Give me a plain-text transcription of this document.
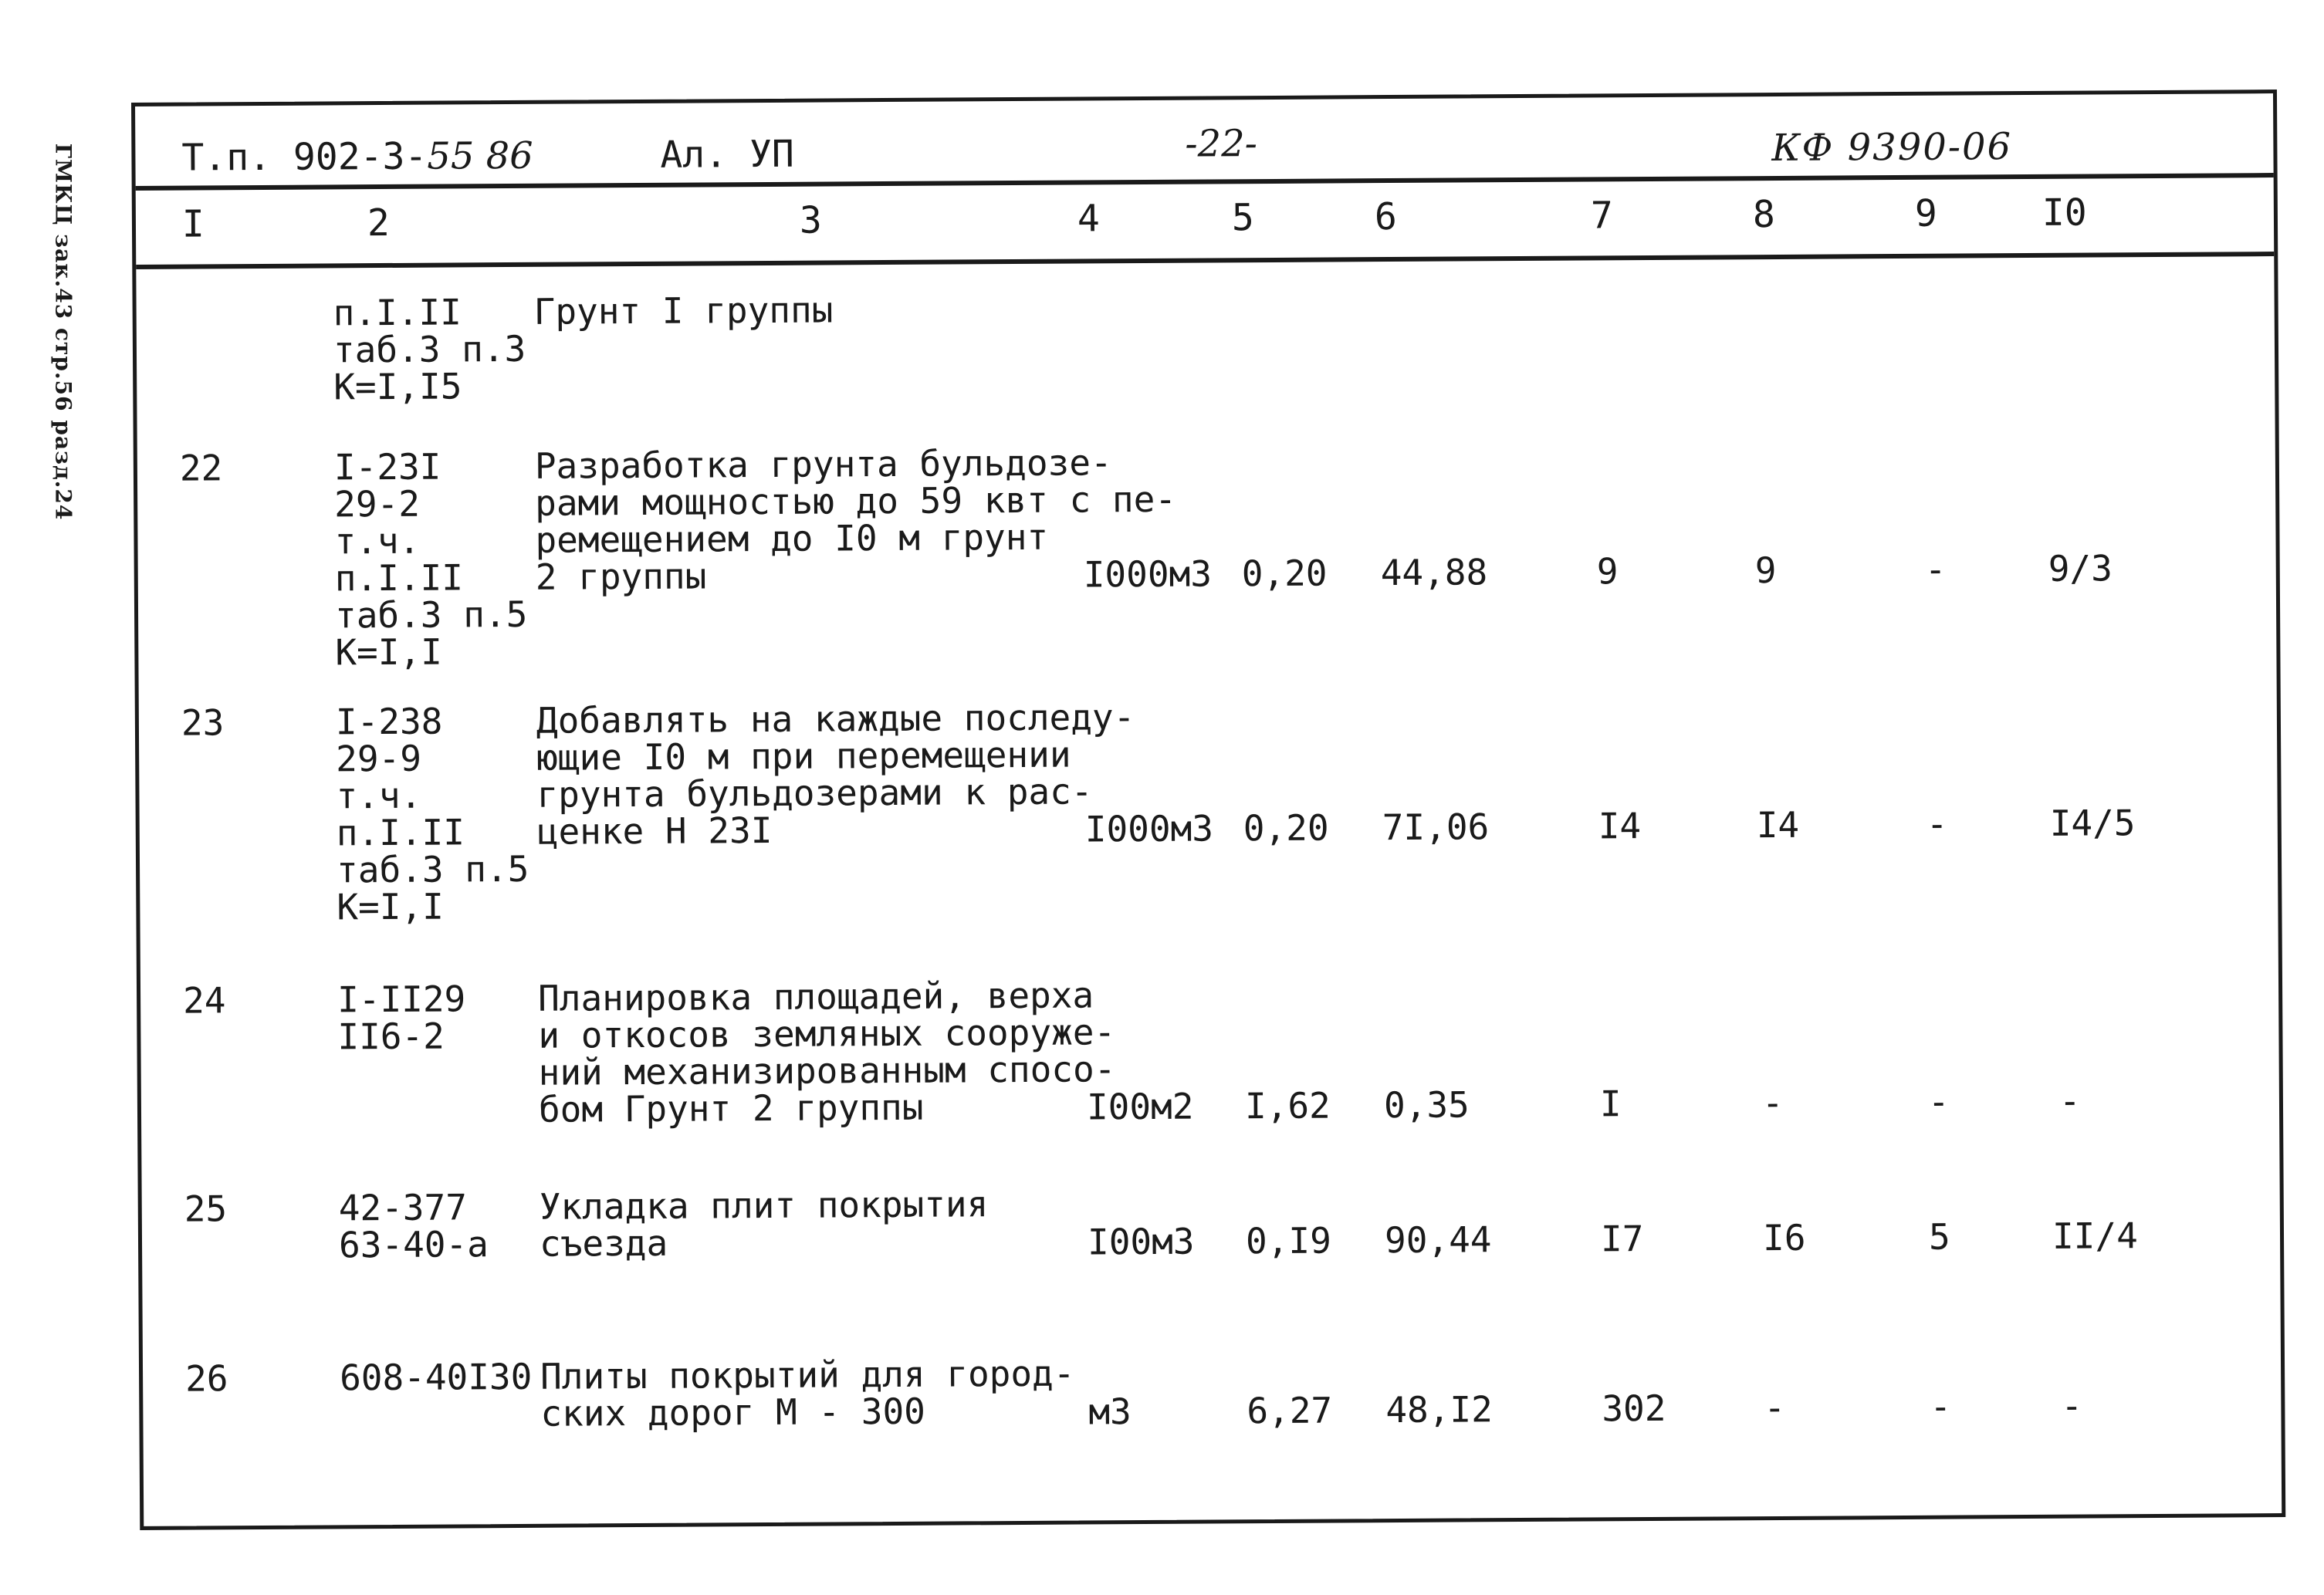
ГМКЦ зак.43 стр.56 разд.24	Т.п. 902-3-55 86	Ал. УП	-22-	КФ 9390-06
I	2	3	4	5	6	7	8	9	I0
п.I.II
таб.3 п.3
К=I,I5
Грунт I группы
22	I-23I
29-2
т.ч.
п.I.II
таб.3 п.5
К=I,I
Разработка грунта бульдозе-
рами мощностью до 59 квт с пе-
ремещением до I0 м грунт
2 группы	I000м3 0,20 44,88	9	9	-	9/3
23	I-238
29-9
т.ч.
п.I.II
таб.3 п.5
К=I,I
Добавлять на каждые последу-
ющие I0 м при перемещении
грунта бульдозерами к рас-
ценке Н 23I	I000м3 0,20 7I,06	I4	I4	-	I4/5
24	I-II29
II6-2
Планировка площадей, верха
и откосов земляных сооруже-
ний механизированным спосо-
бом Грунт 2 группы	I00м2 I,62 0,35	I	-	-	-
25	42-377
63-40-а
Укладка плит покрытия
съезда	I00м3 0,I9 90,44	I7	I6	5	II/4
26	608-40I30 Плиты покрытий для город-
ских дорог М - 300	м3	6,27 48,I2	302	-	-	-
